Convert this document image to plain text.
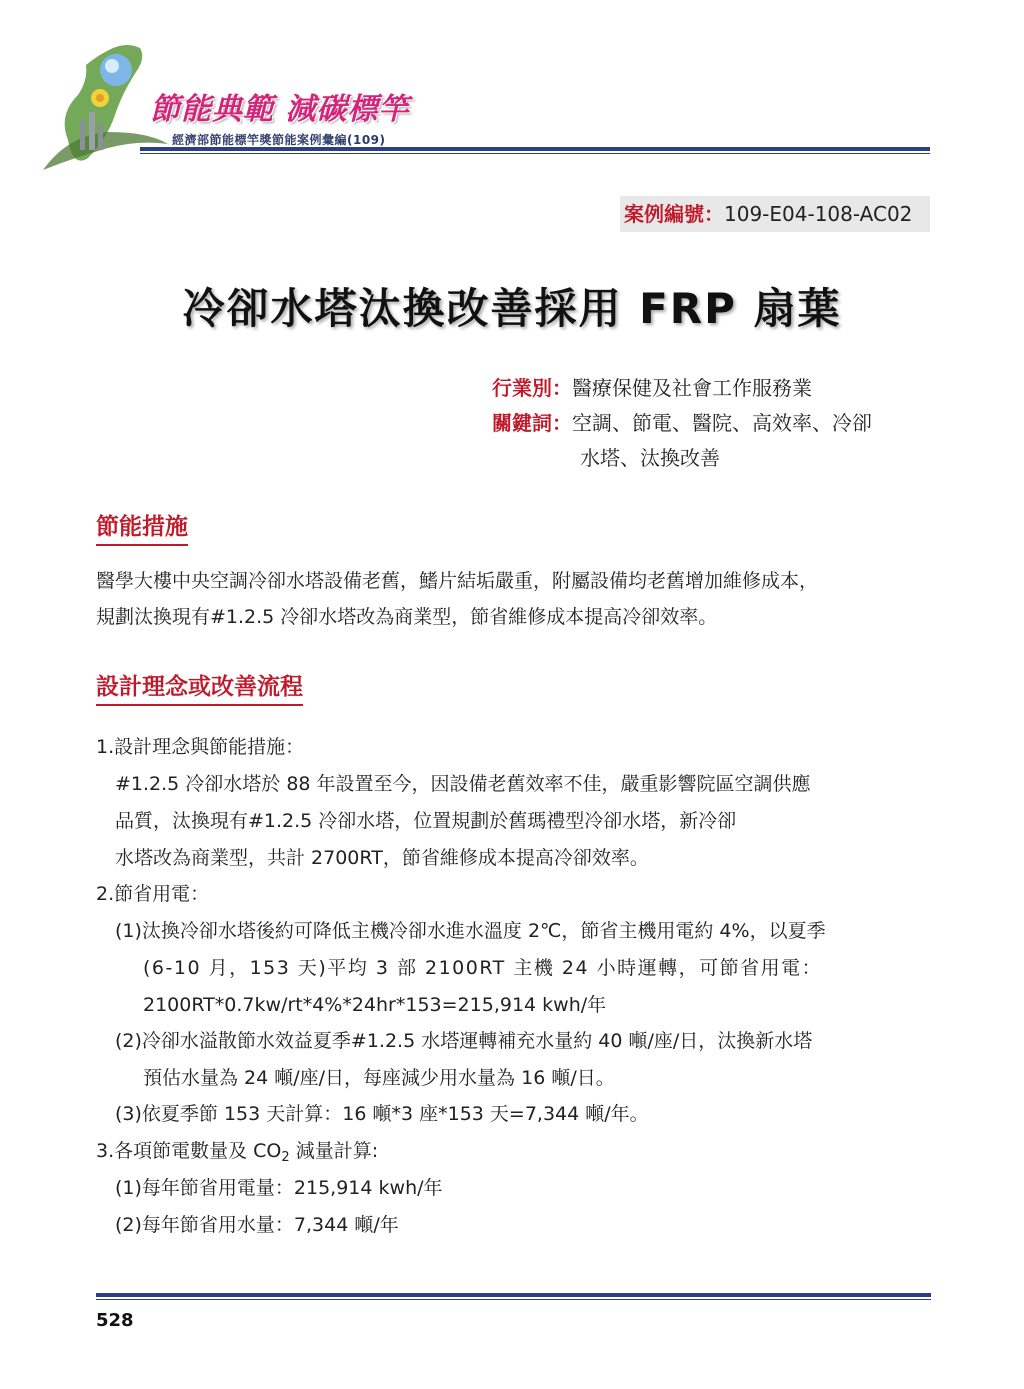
節能典範 減碳標竿
經濟部節能標竿獎節能案例彙編(109)
案例編號：109-E04-108-AC02
冷卻水塔汰換改善採用 FRP 扇葉
行業別：醫療保健及社會工作服務業
關鍵詞：空調、節電、醫院、高效率、冷卻
水塔、汰換改善
節能措施
醫學大樓中央空調冷卻水塔設備老舊，鰭片結垢嚴重，附屬設備均老舊增加維修成本，
規劃汰換現有#1.2.5 冷卻水塔改為商業型，節省維修成本提高冷卻效率。
設計理念或改善流程
1.設計理念與節能措施：
#1.2.5 冷卻水塔於 88 年設置至今，因設備老舊效率不佳，嚴重影響院區空調供應
品質，汰換現有#1.2.5 冷卻水塔，位置規劃於舊瑪禮型冷卻水塔，新冷卻
水塔改為商業型，共計 2700RT，節省維修成本提高冷卻效率。
2.節省用電：
(1)汰換冷卻水塔後約可降低主機冷卻水進水溫度 2℃，節省主機用電約 4%，以夏季
(6-10 月，153 天)平均 3 部 2100RT 主機 24 小時運轉，可節省用電：
2100RT*0.7kw/rt*4%*24hr*153=215,914 kwh/年
(2)冷卻水溢散節水效益夏季#1.2.5 水塔運轉補充水量約 40 噸/座/日，汰換新水塔
預估水量為 24 噸/座/日，每座減少用水量為 16 噸/日。
(3)依夏季節 153 天計算：16 噸*3 座*153 天=7,344 噸/年。
3.各項節電數量及 $CO_2$ 減量計算:
(1)每年節省用電量：215,914 kwh/年
(2)每年節省用水量：7,344 噸/年
528
